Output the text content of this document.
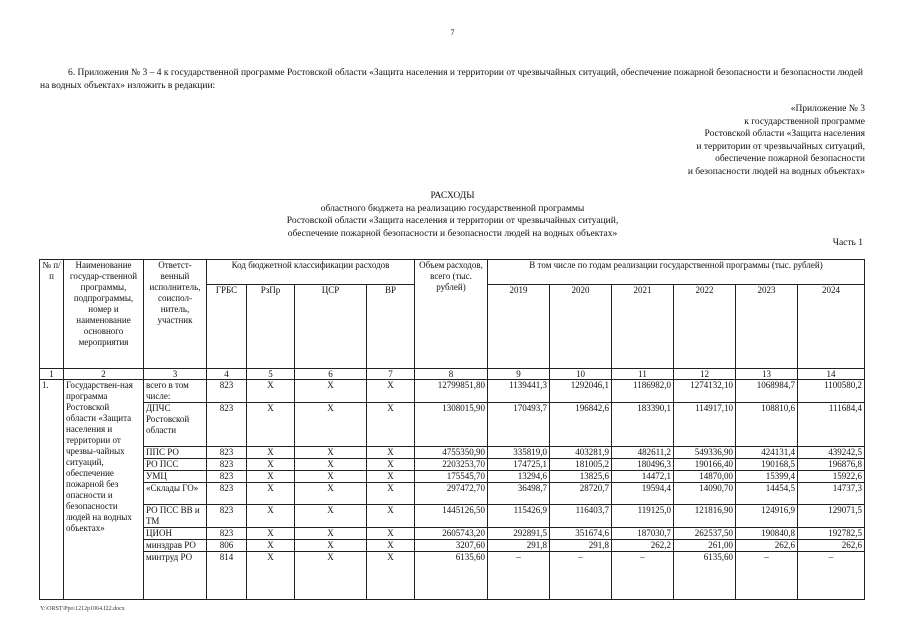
7
6. Приложения № 3 – 4 к государственной программе Ростовской области «Защита населения и территории от чрезвычайных ситуаций, обеспечение пожарной безопасности и безопасности людей на водных объектах» изложить в редакции:
«Приложение № 3
к государственной программе
Ростовской области «Защита населения
и территории от чрезвычайных ситуаций,
обеспечение пожарной безопасности
и безопасности людей на водных объектах»
РАСХОДЫ
областного бюджета на реализацию государственной программы
Ростовской области «Защита населения и территории от чрезвычайных ситуаций,
обеспечение пожарной безопасности и безопасности людей на водных объектах»
Часть 1
№ п/п	Наименование государ-ственной программы, подпрограммы, номер и наименование основного мероприятия	Ответст-венный исполнитель, соиспол-нитель, участник	Код бюджетной классификации расходов				Объем расходов, всего (тыс. рублей)	В том числе по годам реализации государственной программы (тыс. рублей)					
			ГРБС	РзПр	ЦСР	ВР		2019	2020	2021	2022	2023	2024
1	2	3	4	5	6	7	8	9	10	11	12	13	14
1.	Государствен-ная программа Ростовской области «Защита населения и территории от чрезвы-чайных ситуаций, обеспечение пожарной без опасности и безопасности людей на водных объектах»	всего в том числе:	823	Х	Х	Х	12799851,80	1139441,3	1292046,1	1186982,0	1274132,10	1068984,7	1100580,2
		ДПЧС Ростовской области	823	Х	Х	Х	1308015,90	170493,7	196842,6	183390,1	114917,10	108810,6	111684,4
		ППС РО	823	Х	Х	Х	4755350,90	335819,0	403281,9	482611,2	549336,90	424131,4	439242,5
		РО ПСС	823	Х	Х	Х	2203253,70	174725,1	181005,2	180496,3	190166,40	190168,5	196876,8
		УМЦ	823	Х	Х	Х	175545,70	13294,6	13825,6	14472,1	14870,00	15399,4	15922,6
		«Склады ГО»	823	Х	Х	Х	297472,70	36498,7	28720,7	19594,4	14090,70	14454,5	14737,3
		РО ПСС ВВ и ТМ	823	Х	Х	Х	1445126,50	115426,9	116403,7	119125,0	121816,90	124916,9	129071,5
		ЦИОН	823	Х	Х	Х	2605743,20	292891,5	351674,6	187030,7	262537,50	190840,8	192782,5
		минздрав РО	806	Х	Х	Х	3207,60	291,8	291,8	262,2	261,00	262,6	262,6
		минтруд РО	814	Х	Х	Х	6135,60	–	–	–	6135,60	–	–
Y:\ORST\Ppo\1212p1064.f22.docx
